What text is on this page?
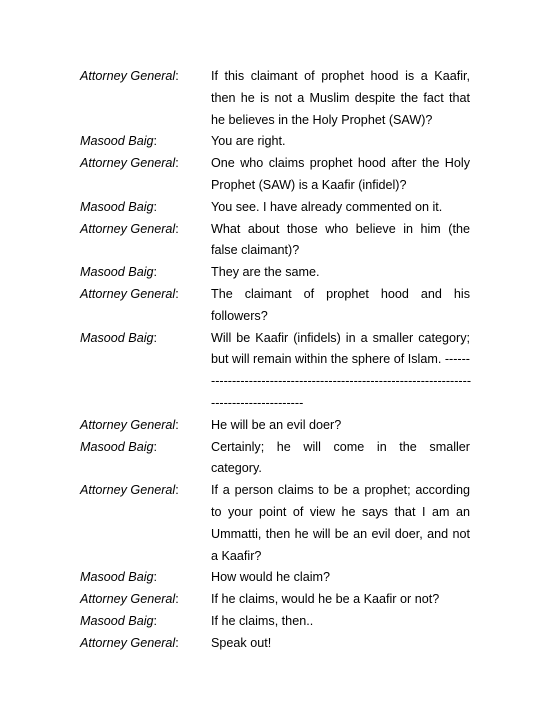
Attorney General:	If this claimant of prophet hood is a Kaafir,
then he is not a Muslim despite the fact that
he believes in the Holy Prophet (SAW)?
Masood Baig:	You are right.
Attorney General:	One who claims prophet hood after the Holy
Prophet (SAW) is a Kaafir (infidel)?
Masood Baig:	You see. I have already commented on it.
Attorney General:	What about those who believe in him (the
false claimant)?
Masood Baig:	They are the same.
Attorney General:	The claimant of prophet hood and his
followers?
Masood Baig:	Will be Kaafir (infidels) in a smaller category;
but will remain within the sphere of Islam. ------
--------------------------------------------------------------
----------------------
Attorney General:	He will be an evil doer?
Masood Baig:	Certainly; he will come in the smaller
category.
Attorney General:	If a person claims to be a prophet; according
to your point of view he says that I am an
Ummatti, then he will be an evil doer, and not
a Kaafir?
Masood Baig:	How would he claim?
Attorney General:	If he claims, would he be a Kaafir or not?
Masood Baig:	If he claims, then..
Attorney General:	Speak out!
